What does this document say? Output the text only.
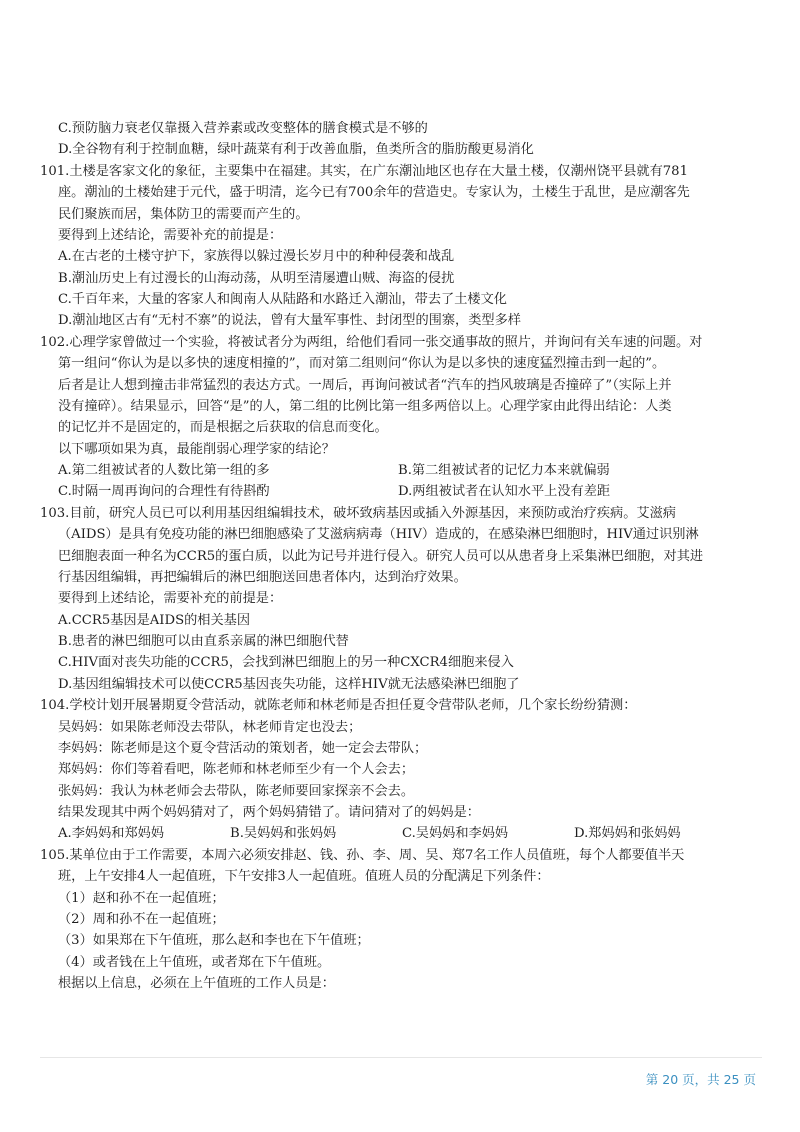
C.预防脑力衰老仅靠摄入营养素或改变整体的膳食模式是不够的
D.全谷物有利于控制血糖，绿叶蔬菜有利于改善血脂，鱼类所含的脂肪酸更易消化
101.土楼是客家文化的象征，主要集中在福建。其实，在广东潮汕地区也存在大量土楼，仅潮州饶平县就有781
座。潮汕的土楼始建于元代，盛于明清，迄今已有700余年的营造史。专家认为，土楼生于乱世，是应潮客先
民们聚族而居，集体防卫的需要而产生的。
要得到上述结论，需要补充的前提是：
A.在古老的土楼守护下，家族得以躲过漫长岁月中的种种侵袭和战乱
B.潮汕历史上有过漫长的山海动荡，从明至清屡遭山贼、海盗的侵扰
C.千百年来，大量的客家人和闽南人从陆路和水路迁入潮汕，带去了土楼文化
D.潮汕地区古有“无村不寨”的说法，曾有大量军事性、封闭型的围寨，类型多样
102.心理学家曾做过一个实验，将被试者分为两组，给他们看同一张交通事故的照片，并询问有关车速的问题。对
第一组问“你认为是以多快的速度相撞的”，而对第二组则问“你认为是以多快的速度猛烈撞击到一起的”。
后者是让人想到撞击非常猛烈的表达方式。一周后，再询问被试者“汽车的挡风玻璃是否撞碎了”（实际上并
没有撞碎）。结果显示，回答“是”的人，第二组的比例比第一组多两倍以上。心理学家由此得出结论：人类
的记忆并不是固定的，而是根据之后获取的信息而变化。
以下哪项如果为真，最能削弱心理学家的结论？
A.第二组被试者的人数比第一组的多	B.第二组被试者的记忆力本来就偏弱
C.时隔一周再询问的合理性有待斟酌	D.两组被试者在认知水平上没有差距
103.目前，研究人员已可以利用基因组编辑技术，破坏致病基因或插入外源基因，来预防或治疗疾病。艾滋病
（AIDS）是具有免疫功能的淋巴细胞感染了艾滋病病毒（HIV）造成的，在感染淋巴细胞时，HIV通过识别淋
巴细胞表面一种名为CCR5的蛋白质，以此为记号并进行侵入。研究人员可以从患者身上采集淋巴细胞，对其进
行基因组编辑，再把编辑后的淋巴细胞送回患者体内，达到治疗效果。
要得到上述结论，需要补充的前提是：
A.CCR5基因是AIDS的相关基因
B.患者的淋巴细胞可以由直系亲属的淋巴细胞代替
C.HIV面对丧失功能的CCR5，会找到淋巴细胞上的另一种CXCR4细胞来侵入
D.基因组编辑技术可以使CCR5基因丧失功能，这样HIV就无法感染淋巴细胞了
104.学校计划开展暑期夏令营活动，就陈老师和林老师是否担任夏令营带队老师，几个家长纷纷猜测：
吴妈妈：如果陈老师没去带队，林老师肯定也没去；
李妈妈：陈老师是这个夏令营活动的策划者，她一定会去带队；
郑妈妈：你们等着看吧，陈老师和林老师至少有一个人会去；
张妈妈：我认为林老师会去带队，陈老师要回家探亲不会去。
结果发现其中两个妈妈猜对了，两个妈妈猜错了。请问猜对了的妈妈是：
A.李妈妈和郑妈妈	B.吴妈妈和张妈妈	C.吴妈妈和李妈妈	D.郑妈妈和张妈妈
105.某单位由于工作需要，本周六必须安排赵、钱、孙、李、周、吴、郑7名工作人员值班，每个人都要值半天
班，上午安排4人一起值班，下午安排3人一起值班。值班人员的分配满足下列条件：
（1）赵和孙不在一起值班；
（2）周和孙不在一起值班；
（3）如果郑在下午值班，那么赵和李也在下午值班；
（4）或者钱在上午值班，或者郑在下午值班。
根据以上信息，必须在上午值班的工作人员是：
第 20 页，共 25 页
